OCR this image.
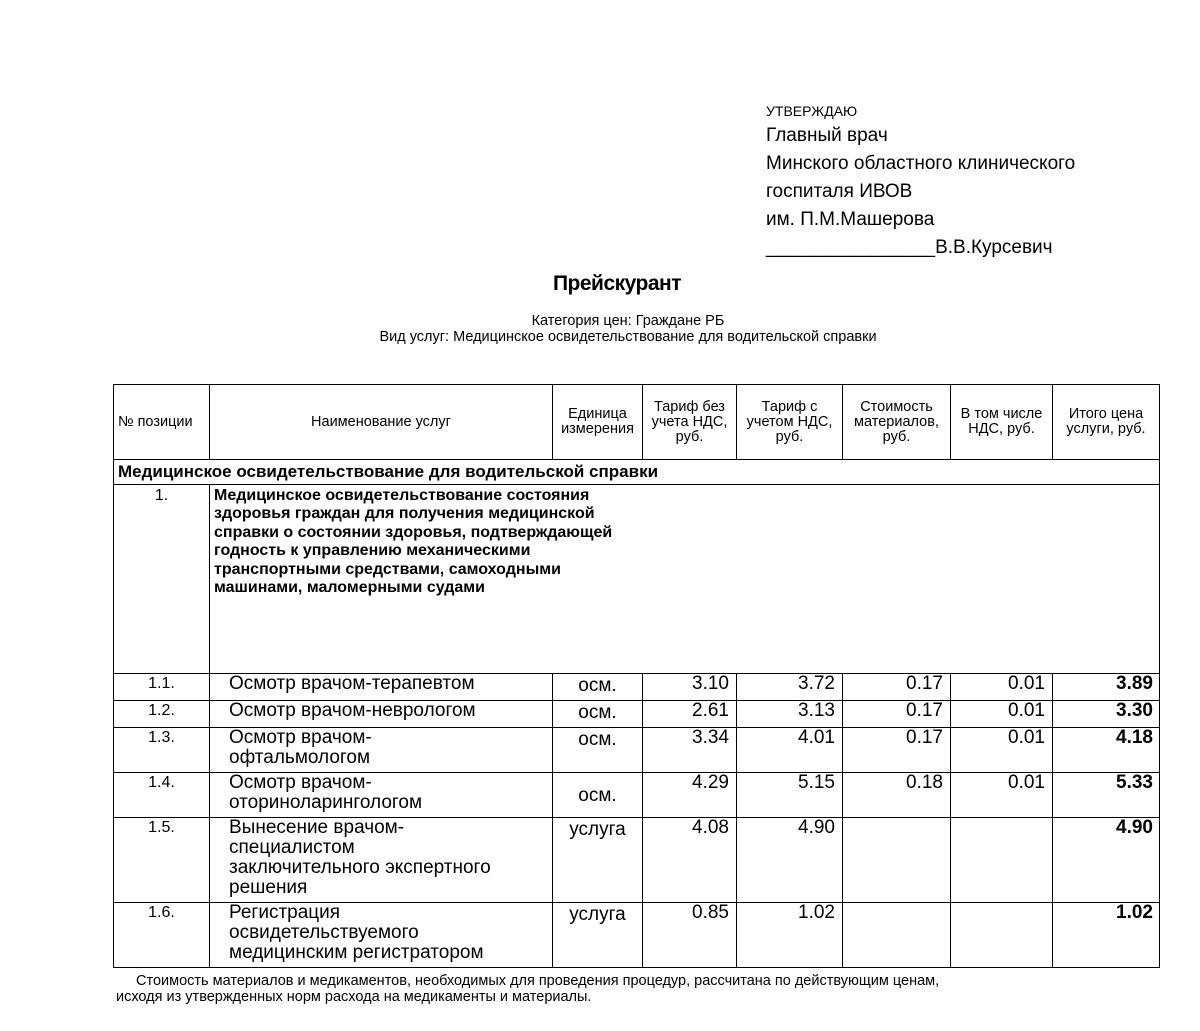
УТВЕРЖДАЮ
Главный врач
Минского областного клинического
госпиталя ИВОВ
им. П.М.Машерова
________________В.В.Курсевич
Прейскурант
Категория цен: Граждане РБ
Вид услуг: Медицинское освидетельствование для водительской справки
№ позиции	Наименование услуг	Единица измерения	Тариф без учета НДС, руб.	Тариф с учетом НДС, руб.	Стоимость материалов, руб.	В том числе НДС, руб.	Итого цена услуги, руб.
Медицинское освидетельствование для водительской справки							
1.	Медицинское освидетельствование состояния здоровья граждан для получения медицинской справки о состоянии здоровья, подтверждающей годность к управлению механическими транспортными средствами, самоходными машинами, маломерными судами						
1.1.	Осмотр врачом-терапевтом	осм.	3.10	3.72	0.17	0.01	3.89
1.2.	Осмотр врачом-неврологом	осм.	2.61	3.13	0.17	0.01	3.30
1.3.	Осмотр врачом-офтальмологом	осм.	3.34	4.01	0.17	0.01	4.18
1.4.	Осмотр врачом-оториноларингологом	осм.	4.29	5.15	0.18	0.01	5.33
1.5.	Вынесение врачом-специалистом заключительного экспертного решения	услуга	4.08	4.90			4.90
1.6.	Регистрация освидетельствуемого медицинским регистратором	услуга	0.85	1.02			1.02
Стоимость материалов и медикаментов, необходимых для проведения процедур, рассчитана по действующим ценам,
исходя из утвержденных норм расхода на медикаменты и материалы.
